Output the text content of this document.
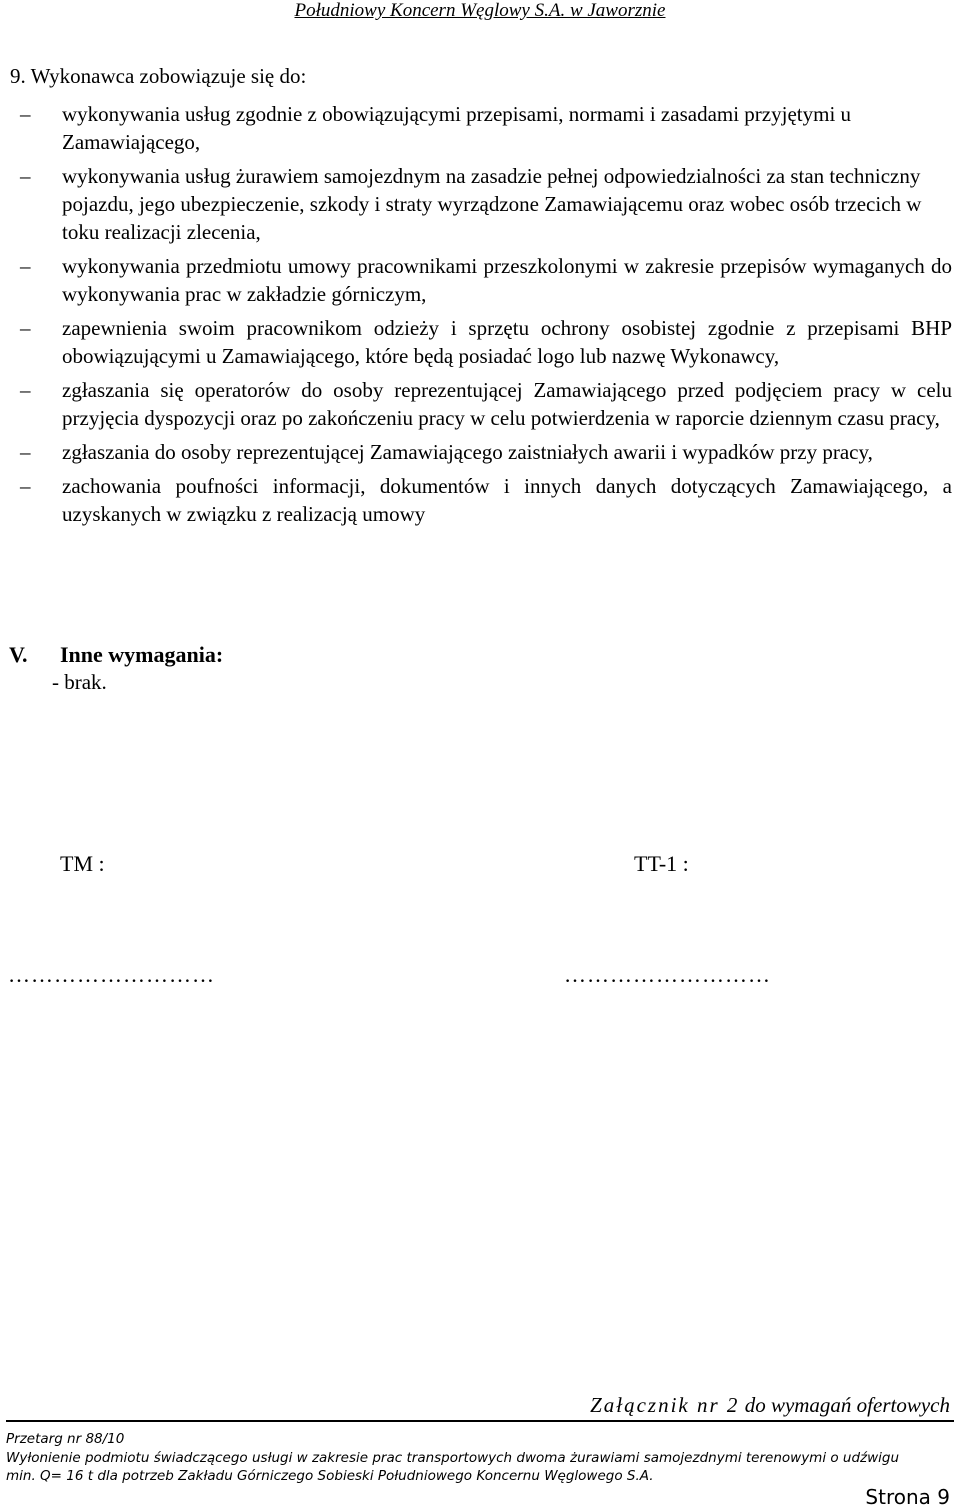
Południowy Koncern Węglowy S.A. w Jaworznie
9. Wykonawca zobowiązuje się do:
–	wykonywania usług zgodnie z obowiązującymi przepisami, normami i zasadami przyjętymi u Zamawiającego,
–	wykonywania usług żurawiem samojezdnym na zasadzie pełnej odpowiedzialności za stan techniczny pojazdu, jego ubezpieczenie, szkody i straty wyrządzone Zamawiającemu oraz wobec osób trzecich w toku realizacji zlecenia,
–	wykonywania przedmiotu umowy pracownikami przeszkolonymi w zakresie przepisów wymaganych do wykonywania prac w zakładzie górniczym,
–	zapewnienia swoim pracownikom odzieży i sprzętu ochrony osobistej zgodnie z przepisami BHP obowiązującymi u Zamawiającego, które będą posiadać logo lub nazwę Wykonawcy,
–	zgłaszania się operatorów do osoby reprezentującej Zamawiającego przed podjęciem pracy w celu przyjęcia dyspozycji oraz po zakończeniu pracy w celu potwierdzenia w raporcie dziennym czasu pracy,
–	zgłaszania do osoby reprezentującej Zamawiającego zaistniałych awarii i wypadków przy pracy,
–	zachowania poufności informacji, dokumentów i innych danych dotyczących Zamawiającego, a uzyskanych w związku z realizacją umowy
V. Inne wymagania:
- brak.
TM :	TT-1 :
………………………	………………………
Załącznik nr 2 do wymagań ofertowych
Przetarg nr 88/10
Wyłonienie podmiotu świadczącego usługi w zakresie prac transportowych dwoma żurawiami samojezdnymi terenowymi o udźwigu
min. Q= 16 t dla potrzeb Zakładu Górniczego Sobieski Południowego Koncernu Węglowego S.A.
Strona 9
